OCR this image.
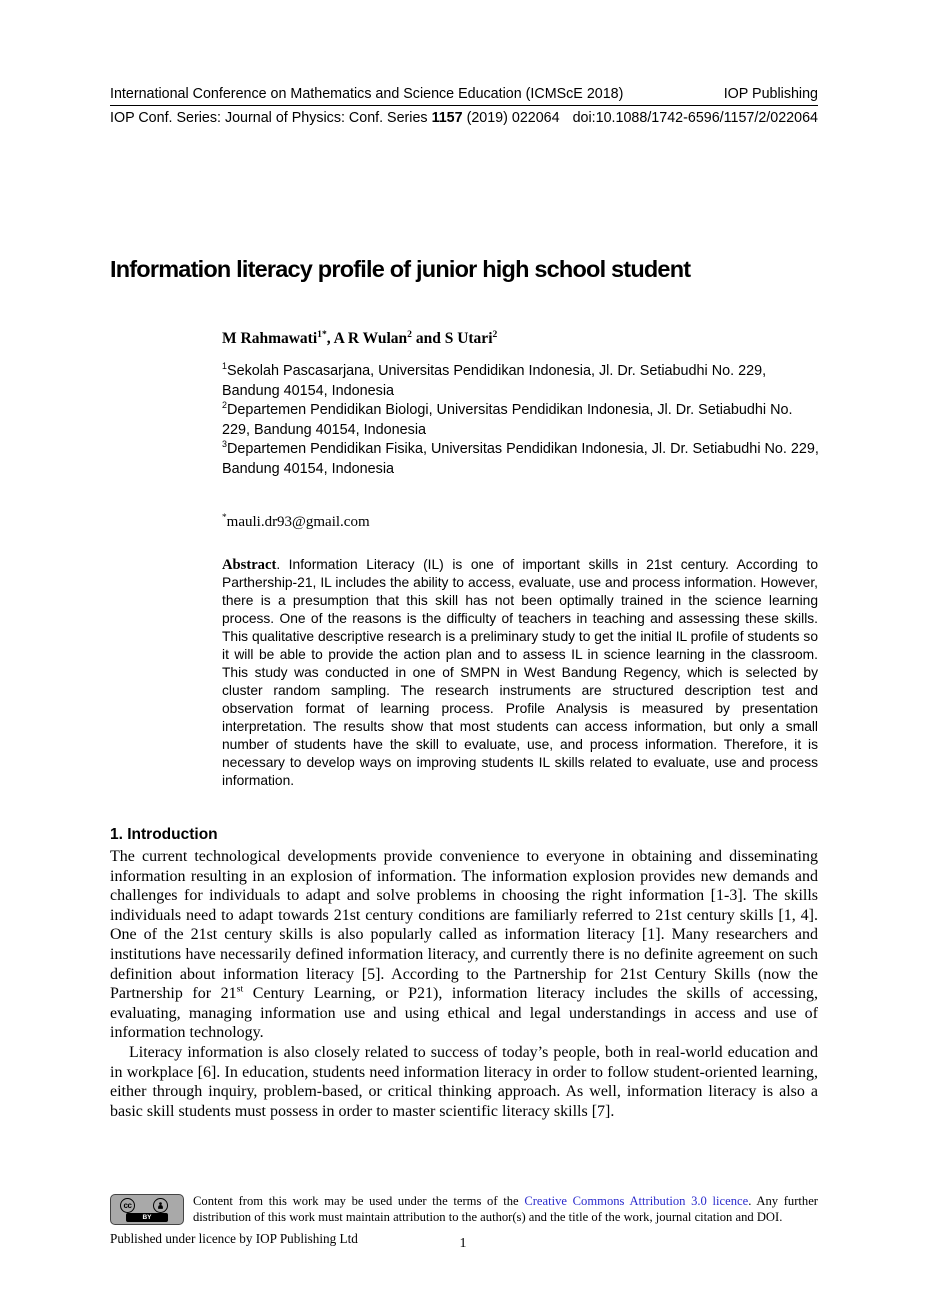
International Conference on Mathematics and Science Education (ICMScE 2018)	IOP Publishing
IOP Conf. Series: Journal of Physics: Conf. Series 1157 (2019) 022064 doi:10.1088/1742-6596/1157/2/022064
Information literacy profile of junior high school student
M Rahmawati$^{1*}$, A R Wulan$^2$ and S Utari$^2$
$^1$Sekolah Pascasarjana, Universitas Pendidikan Indonesia, Jl. Dr. Setiabudhi No. 229, Bandung 40154, Indonesia
$^2$Departemen Pendidikan Biologi, Universitas Pendidikan Indonesia, Jl. Dr. Setiabudhi No. 229, Bandung 40154, Indonesia
$^3$Departemen Pendidikan Fisika, Universitas Pendidikan Indonesia, Jl. Dr. Setiabudhi No. 229, Bandung 40154, Indonesia
*mauli.dr93@gmail.com

Abstract. Information Literacy (IL) is one of important skills in 21st century. According to Parthership-21, IL includes the ability to access, evaluate, use and process information. However, there is a presumption that this skill has not been optimally trained in the science learning process. One of the reasons is the difficulty of teachers in teaching and assessing these skills. This qualitative descriptive research is a preliminary study to get the initial IL profile of students so it will be able to provide the action plan and to assess IL in science learning in the classroom. This study was conducted in one of SMPN in West Bandung Regency, which is selected by cluster random sampling. The research instruments are structured description test and observation format of learning process. Profile Analysis is measured by presentation interpretation. The results show that most students can access information, but only a small number of students have the skill to evaluate, use, and process information. Therefore, it is necessary to develop ways on improving students IL skills related to evaluate, use and process information.

1. Introduction

The current technological developments provide convenience to everyone in obtaining and disseminating information resulting in an explosion of information. The information explosion provides new demands and challenges for individuals to adapt and solve problems in choosing the right information [1-3]. The skills individuals need to adapt towards 21st century conditions are familiarly referred to 21st century skills [1, 4]. One of the 21st century skills is also popularly called as information literacy [1]. Many researchers and institutions have necessarily defined information literacy, and currently there is no definite agreement on such definition about information literacy [5]. According to the Partnership for 21st Century Skills (now the Partnership for 21st Century Learning, or P21), information literacy includes the skills of accessing, evaluating, managing information use and using ethical and legal understandings in access and use of information technology.

Literacy information is also closely related to success of today’s people, both in real-world education and in workplace [6]. In education, students need information literacy in order to follow student-oriented learning, either through inquiry, problem-based, or critical thinking approach. As well, information literacy is also a basic skill students must possess in order to master scientific literacy skills [7].

cc
BY
Content from this work may be used under the terms of the Creative Commons Attribution 3.0 licence. Any further distribution of this work must maintain attribution to the author(s) and the title of the work, journal citation and DOI.
Published under licence by IOP Publishing Ltd	1
